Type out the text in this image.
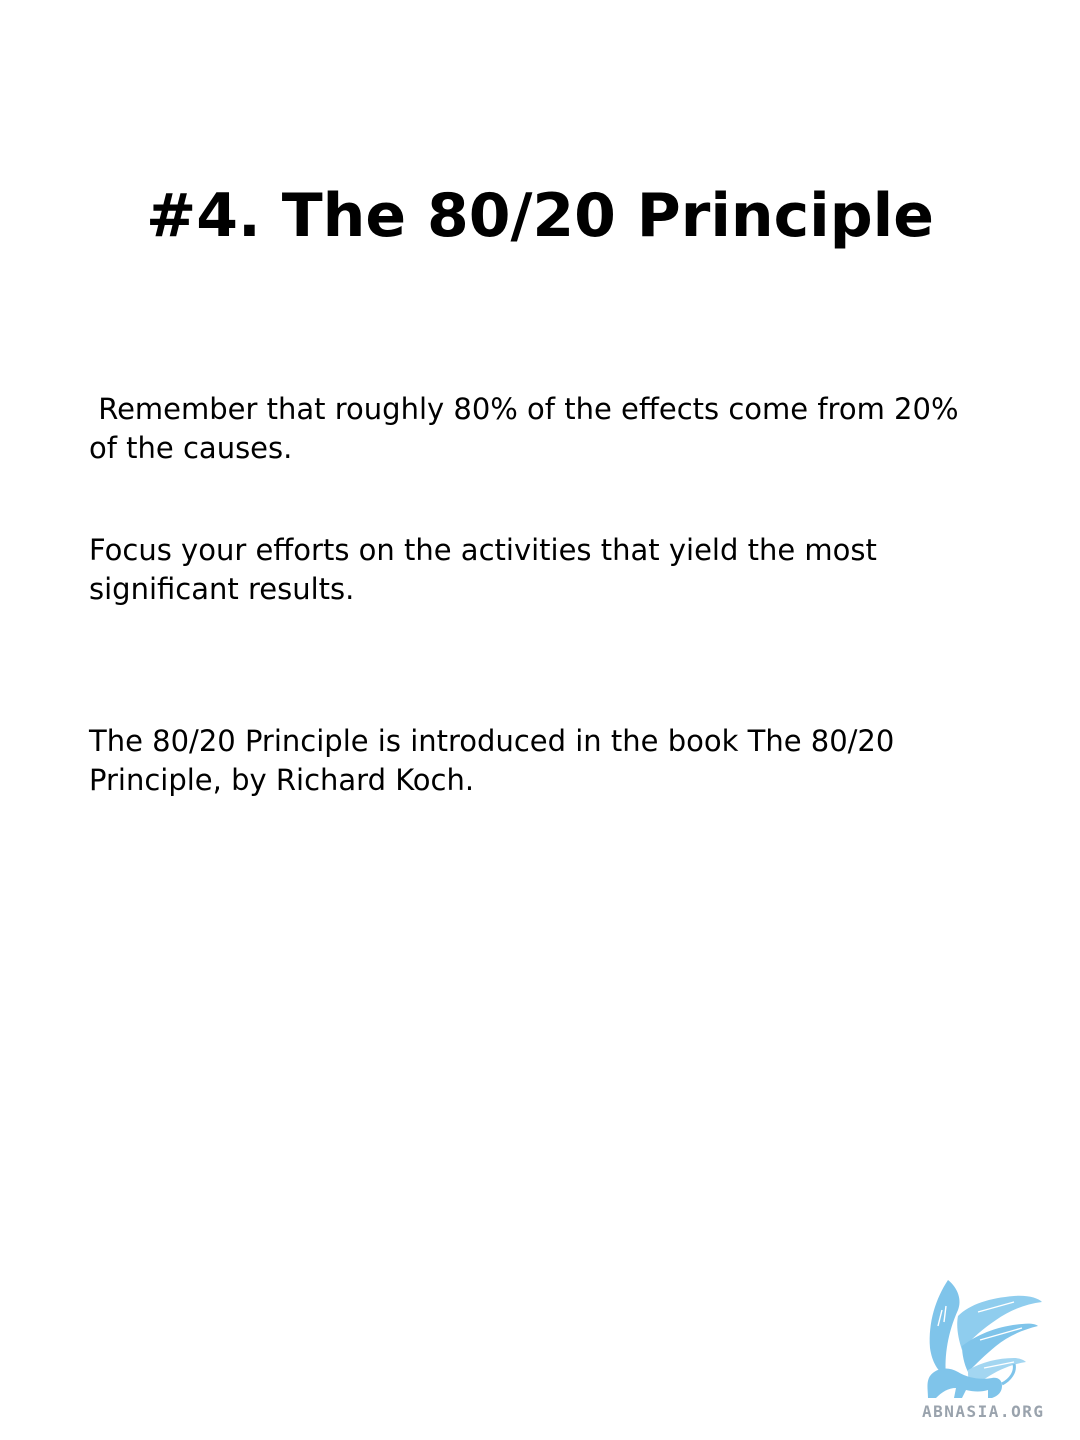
#4. The 80/20 Principle

Remember that roughly 80% of the effects come from 20% of the causes.

Focus your efforts on the activities that yield the most significant results.

The 80/20 Principle is introduced in the book The 80/20 Principle, by Richard Koch.

ABNASIA.ORG
